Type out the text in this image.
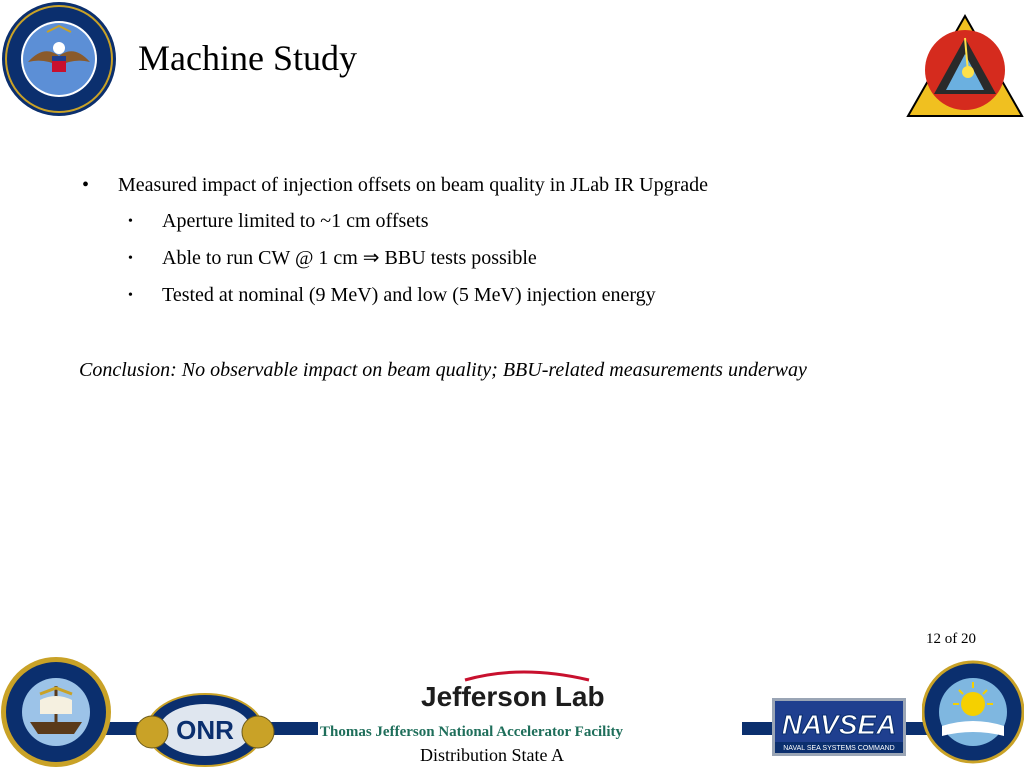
Machine Study
• Measured impact of injection offsets on beam quality in JLab IR Upgrade
• Aperture limited to ~1 cm offsets
• Able to run CW @ 1 cm ⇒ BBU tests possible
• Tested at nominal (9 MeV) and low (5 MeV) injection energy
Conclusion: No observable impact on beam quality; BBU-related measurements underway
12 of 20
ONR
Jefferson Lab
Thomas Jefferson National Accelerator Facility
Distribution State A
NAVSEA
NAVAL SEA SYSTEMS COMMAND
